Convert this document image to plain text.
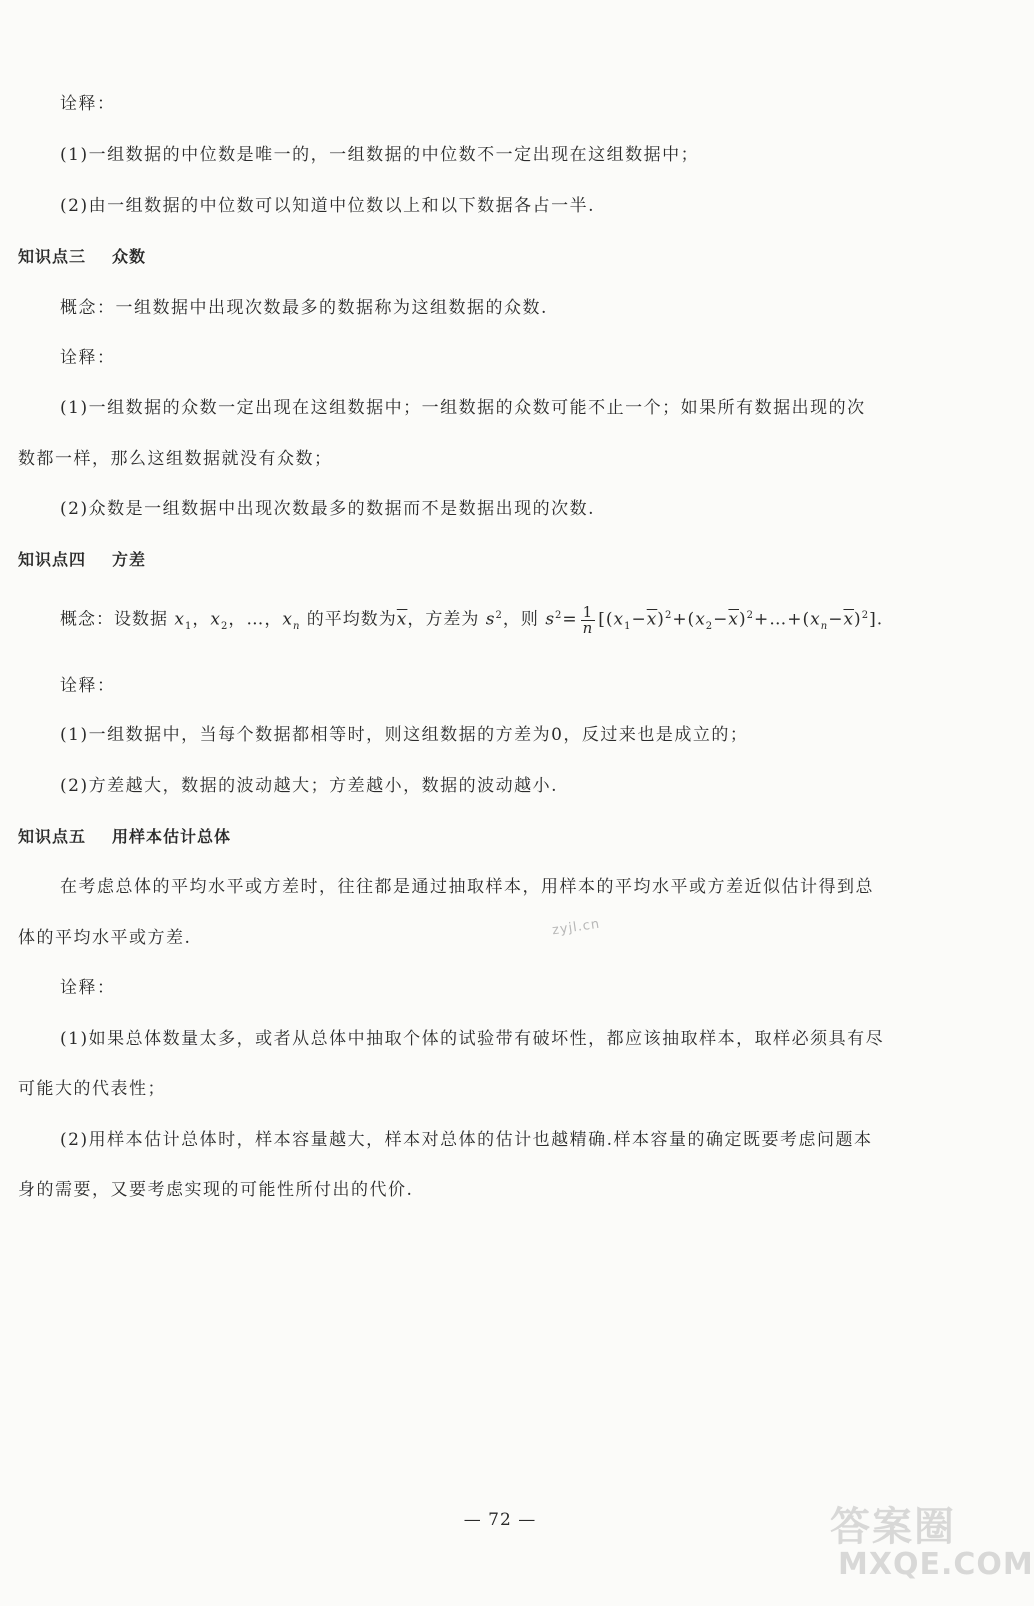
诠释：
(1)一组数据的中位数是唯一的，一组数据的中位数不一定出现在这组数据中；
(2)由一组数据的中位数可以知道中位数以上和以下数据各占一半.
知识点三 众数
概念：一组数据中出现次数最多的数据称为这组数据的众数.
诠释：
(1)一组数据的众数一定出现在这组数据中；一组数据的众数可能不止一个；如果所有数据出现的次
数都一样，那么这组数据就没有众数；
(2)众数是一组数据中出现次数最多的数据而不是数据出现的次数.
知识点四 方差
概念：设数据 $x_1$，$x_2$，…，$x_n$ 的平均数为$\overline{x}$，方差为 $s^2$，则 $s^2= \frac{1}{n}$ $[(x_1-\overline{x})^2+(x_2-\overline{x})^2+\dots+(x_n-\overline{x})^2]$.
诠释：
(1)一组数据中，当每个数据都相等时，则这组数据的方差为0，反过来也是成立的；
(2)方差越大，数据的波动越大；方差越小，数据的波动越小.
知识点五 用样本估计总体
在考虑总体的平均水平或方差时，往往都是通过抽取样本，用样本的平均水平或方差近似估计得到总
体的平均水平或方差.
诠释：
(1)如果总体数量太多，或者从总体中抽取个体的试验带有破坏性，都应该抽取样本，取样必须具有尽
可能大的代表性；
(2)用样本估计总体时，样本容量越大，样本对总体的估计也越精确.样本容量的确定既要考虑问题本
身的需要，又要考虑实现的可能性所付出的代价.
zyjl.cn
— 72 —	答案圈
MXQE.COM
